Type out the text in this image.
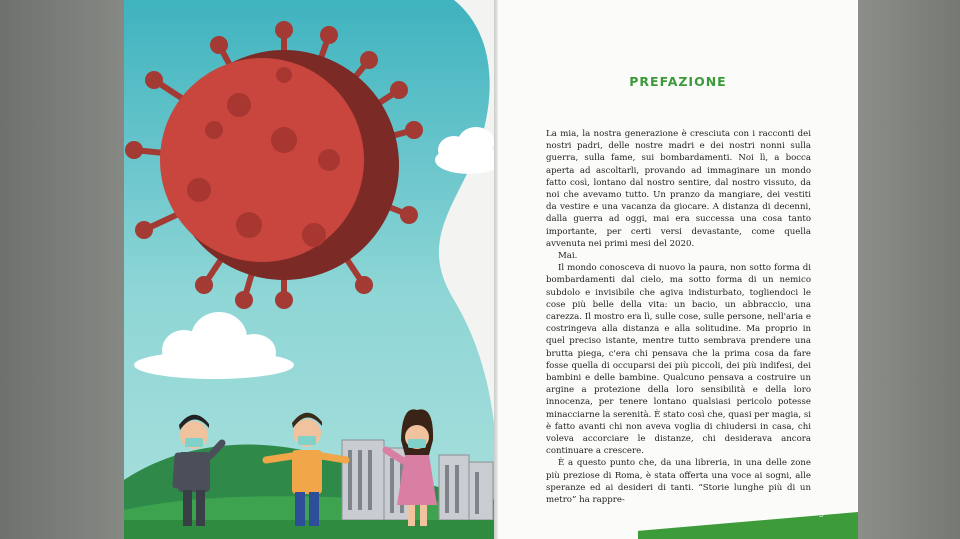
PREFAZIONE

La mia, la nostra generazione è cresciuta con i racconti dei nostri padri, delle nostre madri e dei nostri nonni sulla guerra, sulla fame, sui bombardamenti. Noi lì, a bocca aperta ad ascoltarli, provando ad immaginare un mondo fatto così, lontano dal nostro sentire, dal nostro vissuto, da noi che avevamo tutto. Un pranzo da mangiare, dei vestiti da vestire e una vacanza da giocare. A distanza di decenni, dalla guerra ad oggi, mai era successa una cosa tanto importante, per certi versi devastante, come quella avvenuta nei primi mesi del 2020.

Mai.

Il mondo conosceva di nuovo la paura, non sotto forma di bombardamenti dal cielo, ma sotto forma di un nemico subdolo e invisibile che agiva indisturbato, togliendoci le cose più belle della vita: un bacio, un abbraccio, una carezza. Il mostro era lì, sulle cose, sulle persone, nell'aria e costringeva alla distanza e alla solitudine. Ma proprio in quel preciso istante, mentre tutto sembrava prendere una brutta piega, c'era chi pensava che la prima cosa da fare fosse quella di occuparsi dei più piccoli, dei più indifesi, dei bambini e delle bambine. Qualcuno pensava a costruire un argine a protezione della loro sensibilità e della loro innocenza, per tenere lontano qualsiasi pericolo potesse minacciarne la serenità. È stato così che, quasi per magia, si è fatto avanti chi non aveva voglia di chiudersi in casa, chi voleva accorciare le distanze, chi desiderava ancora continuare a crescere.

È a questo punto che, da una libreria, in una delle zone più preziose di Roma, è stata offerta una voce ai sogni, alle speranze ed ai desideri di tanti. “Storie lunghe più di un metro” ha rappre-

9
